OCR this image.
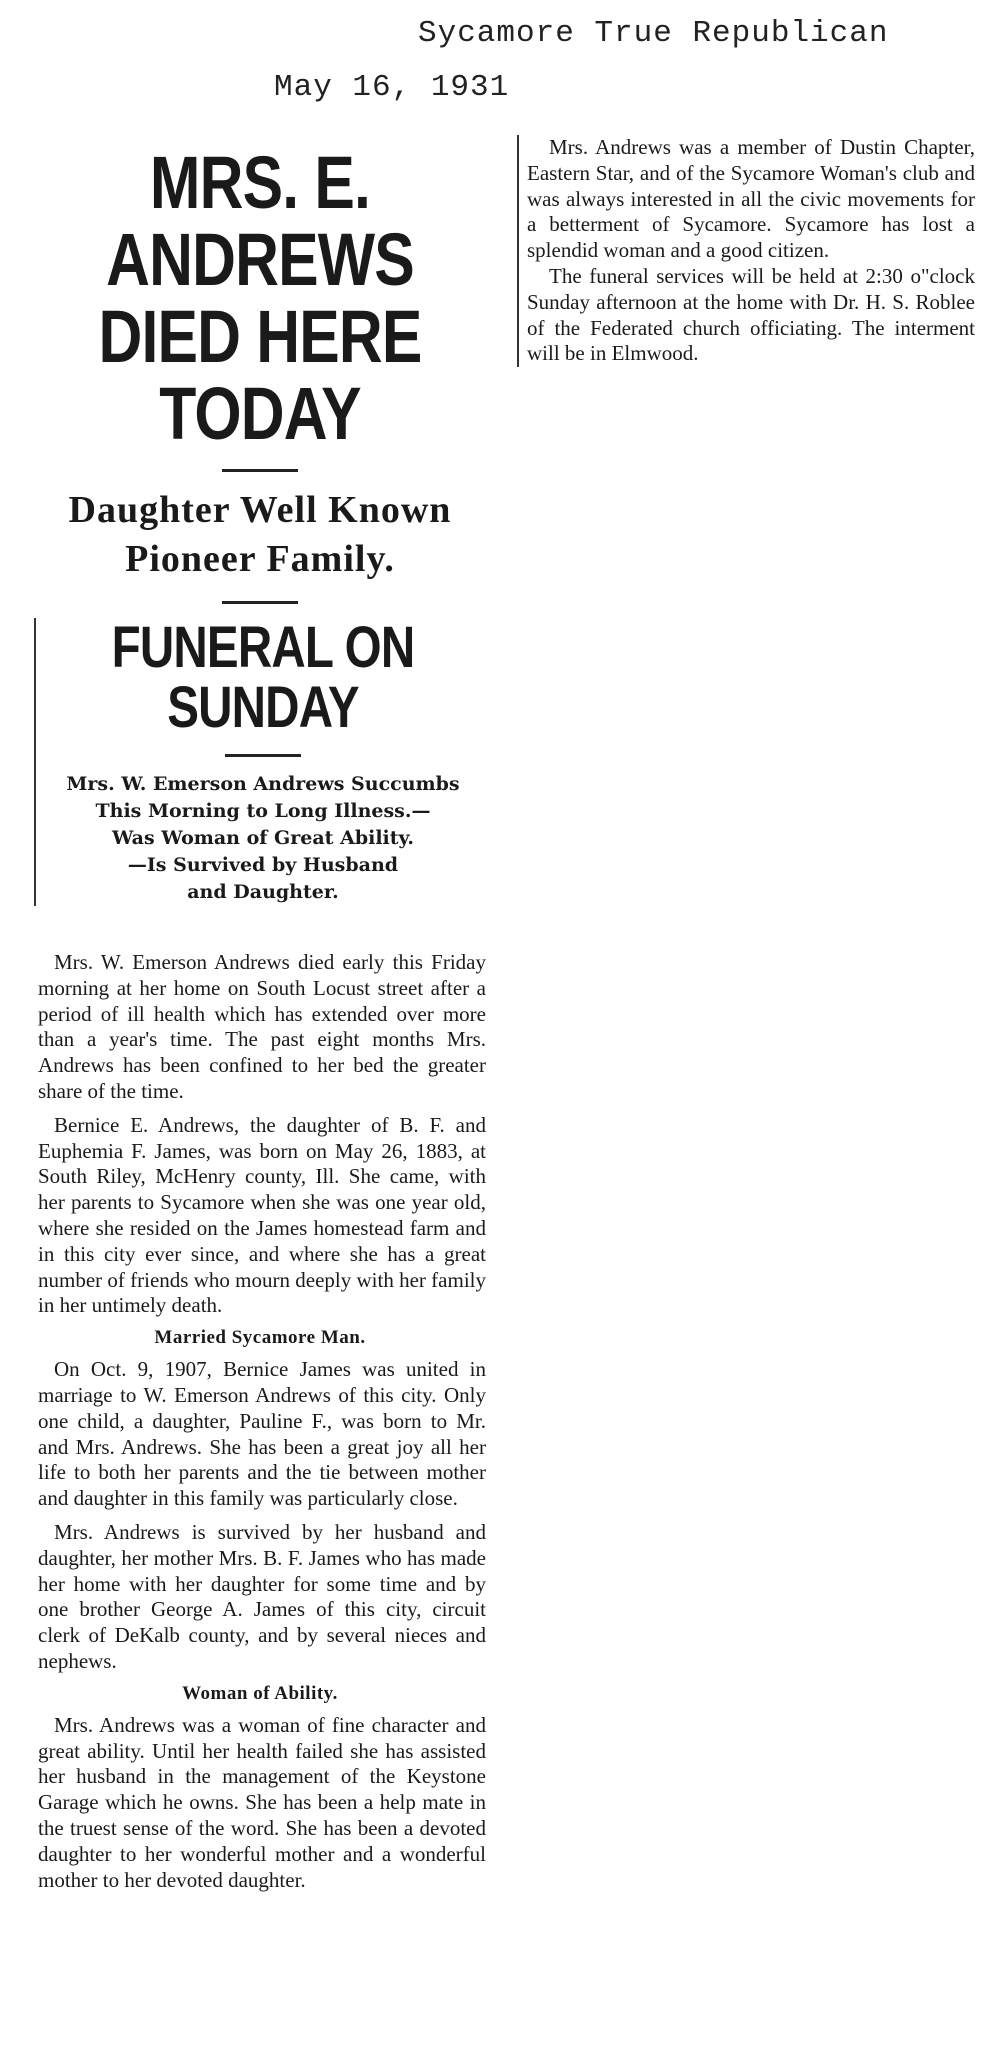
Sycamore True Republican
May 16, 1931
MRS. E. ANDREWS
DIED HERE TODAY
Daughter Well Known
Pioneer Family.
FUNERAL ON SUNDAY

Mrs. W. Emerson Andrews Succumbs
This Morning to Long Illness.—
Was Woman of Great Ability.
—Is Survived by Husband
and Daughter.

Mrs. W. Emerson Andrews died early this Friday morning at her home on South Locust street after a period of ill health which has extended over more than a year's time. The past eight months Mrs. Andrews has been confined to her bed the greater share of the time.

Bernice E. Andrews, the daughter of B. F. and Euphemia F. James, was born on May 26, 1883, at South Riley, McHenry county, Ill. She came, with her parents to Sycamore when she was one year old, where she resided on the James homestead farm and in this city ever since, and where she has a great number of friends who mourn deeply with her family in her untimely death.

Married Sycamore Man.

On Oct. 9, 1907, Bernice James was united in marriage to W. Emerson Andrews of this city. Only one child, a daughter, Pauline F., was born to Mr. and Mrs. Andrews. She has been a great joy all her life to both her parents and the tie between mother and daughter in this family was particularly close.

Mrs. Andrews is survived by her husband and daughter, her mother Mrs. B. F. James who has made her home with her daughter for some time and by one brother George A. James of this city, circuit clerk of DeKalb county, and by several nieces and nephews.

Woman of Ability.

Mrs. Andrews was a woman of fine character and great ability. Until her health failed she has assisted her husband in the management of the Keystone Garage which he owns. She has been a help mate in the truest sense of the word. She has been a devoted daughter to her wonderful mother and a wonderful mother to her devoted daughter.

Mrs. Andrews was a member of Dustin Chapter, Eastern Star, and of the Sycamore Woman's club and was always interested in all the civic movements for a betterment of Sycamore. Sycamore has lost a splendid woman and a good citizen.

The funeral services will be held at 2:30 o"clock Sunday afternoon at the home with Dr. H. S. Roblee of the Federated church officiating. The interment will be in Elmwood.
